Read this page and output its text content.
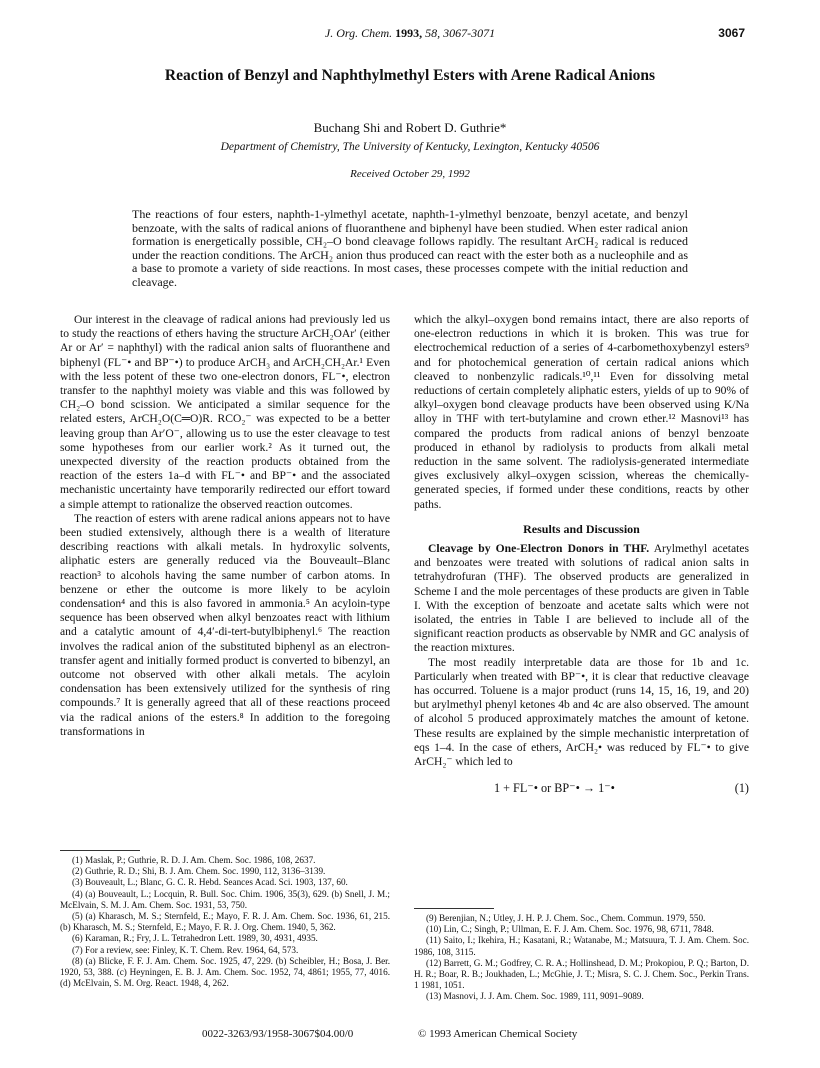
J. Org. Chem. 1993, 58, 3067-3071	3067
Reaction of Benzyl and Naphthylmethyl Esters with Arene Radical Anions
Buchang Shi and Robert D. Guthrie*
Department of Chemistry, The University of Kentucky, Lexington, Kentucky 40506
Received October 29, 1992
The reactions of four esters, naphth-1-ylmethyl acetate, naphth-1-ylmethyl benzoate, benzyl acetate, and benzyl benzoate, with the salts of radical anions of fluoranthene and biphenyl have been studied. When ester radical anion formation is energetically possible, CH₂–O bond cleavage follows rapidly. The resultant ArCH₂ radical is reduced under the reaction conditions. The ArCH₂ anion thus produced can react with the ester both as a nucleophile and as a base to promote a variety of side reactions. In most cases, these processes compete with the initial reduction and cleavage.

Our interest in the cleavage of radical anions had previously led us to study the reactions of ethers having the structure ArCH₂OAr′ (either Ar or Ar′ = naphthyl) with the radical anion salts of fluoranthene and biphenyl (FL⁻• and BP⁻•) to produce ArCH₃ and ArCH₂CH₂Ar.¹ Even with the less potent of these two one-electron donors, FL⁻•, electron transfer to the naphthyl moiety was viable and this was followed by CH₂–O bond scission. We anticipated a similar sequence for the related esters, ArCH₂O(C═O)R. RCO₂⁻ was expected to be a better leaving group than Ar′O⁻, allowing us to use the ester cleavage to test some hypotheses from our earlier work.² As it turned out, the unexpected diversity of the reaction products obtained from the reaction of the esters 1a–d with FL⁻• and BP⁻• and the associated mechanistic uncertainty have temporarily redirected our effort toward a simple attempt to rationalize the observed reaction outcomes.

The reaction of esters with arene radical anions appears not to have been studied extensively, although there is a wealth of literature describing reactions with alkali metals. In hydroxylic solvents, aliphatic esters are generally reduced via the Bouveault–Blanc reaction³ to alcohols having the same number of carbon atoms. In benzene or ether the outcome is more likely to be acyloin condensation⁴ and this is also favored in ammonia.⁵ An acyloin-type sequence has been observed when alkyl benzoates react with lithium and a catalytic amount of 4,4′-di-tert-butylbiphenyl.⁶ The reaction involves the radical anion of the substituted biphenyl as an electron-transfer agent and initially formed product is converted to bibenzyl, an outcome not observed with other alkali metals. The acyloin condensation has been extensively utilized for the synthesis of ring compounds.⁷ It is generally agreed that all of these reactions proceed via the radical anions of the esters.⁸ In addition to the foregoing transformations in

(1) Maslak, P.; Guthrie, R. D. J. Am. Chem. Soc. 1986, 108, 2637.
(2) Guthrie, R. D.; Shi, B. J. Am. Chem. Soc. 1990, 112, 3136–3139.
(3) Bouveault, L.; Blanc, G. C. R. Hebd. Seances Acad. Sci. 1903, 137, 60.
(4) (a) Bouveault, L.; Locquin, R. Bull. Soc. Chim. 1906, 35(3), 629. (b) Snell, J. M.; McElvain, S. M. J. Am. Chem. Soc. 1931, 53, 750.
(5) (a) Kharasch, M. S.; Sternfeld, E.; Mayo, F. R. J. Am. Chem. Soc. 1936, 61, 215. (b) Kharasch, M. S.; Sternfeld, E.; Mayo, F. R. J. Org. Chem. 1940, 5, 362.
(6) Karaman, R.; Fry, J. L. Tetrahedron Lett. 1989, 30, 4931, 4935.
(7) For a review, see: Finley, K. T. Chem. Rev. 1964, 64, 573.
(8) (a) Blicke, F. F. J. Am. Chem. Soc. 1925, 47, 229. (b) Scheibler, H.; Bosa, J. Ber. 1920, 53, 388. (c) Heyningen, E. B. J. Am. Chem. Soc. 1952, 74, 4861; 1955, 77, 4016. (d) McElvain, S. M. Org. React. 1948, 4, 262.

which the alkyl–oxygen bond remains intact, there are also reports of one-electron reductions in which it is broken. This was true for electrochemical reduction of a series of 4-carbomethoxybenzyl esters⁹ and for photochemical generation of certain radical anions which cleaved to nonbenzylic radicals.¹⁰,¹¹ Even for dissolving metal reductions of certain completely aliphatic esters, yields of up to 90% of alkyl–oxygen bond cleavage products have been observed using K/Na alloy in THF with tert-butylamine and crown ether.¹² Masnovi¹³ has compared the products from radical anions of benzyl benzoate produced in ethanol by radiolysis to products from alkali metal reduction in the same solvent. The radiolysis-generated intermediate gives exclusively alkyl–oxygen scission, whereas the chemically-generated species, if formed under these conditions, reacts by other paths.

Results and Discussion

Cleavage by One-Electron Donors in THF. Arylmethyl acetates and benzoates were treated with solutions of radical anion salts in tetrahydrofuran (THF). The observed products are generalized in Scheme I and the mole percentages of these products are given in Table I. With the exception of benzoate and acetate salts which were not isolated, the entries in Table I are believed to include all of the significant reaction products as observable by NMR and GC analysis of the reaction mixtures.

The most readily interpretable data are those for 1b and 1c. Particularly when treated with BP⁻•, it is clear that reductive cleavage has occurred. Toluene is a major product (runs 14, 15, 16, 19, and 20) but arylmethyl phenyl ketones 4b and 4c are also observed. The amount of alcohol 5 produced approximately matches the amount of ketone. These results are explained by the simple mechanistic interpretation of eqs 1–4. In the case of ethers, ArCH₂• was reduced by FL⁻• to give ArCH₂⁻ which led to

1 + FL⁻• or BP⁻• → 1⁻•	(1)
(9) Berenjian, N.; Utley, J. H. P. J. Chem. Soc., Chem. Commun. 1979, 550.
(10) Lin, C.; Singh, P.; Ullman, E. F. J. Am. Chem. Soc. 1976, 98, 6711, 7848.
(11) Saito, I.; Ikehira, H.; Kasatani, R.; Watanabe, M.; Matsuura, T. J. Am. Chem. Soc. 1986, 108, 3115.
(12) Barrett, G. M.; Godfrey, C. R. A.; Hollinshead, D. M.; Prokopiou, P. Q.; Barton, D. H. R.; Boar, R. B.; Joukhaden, L.; McGhie, J. T.; Misra, S. C. J. Chem. Soc., Perkin Trans. 1 1981, 1051.
(13) Masnovi, J. J. Am. Chem. Soc. 1989, 111, 9091–9089.
0022-3263/93/1958-3067$04.00/0	© 1993 American Chemical Society
